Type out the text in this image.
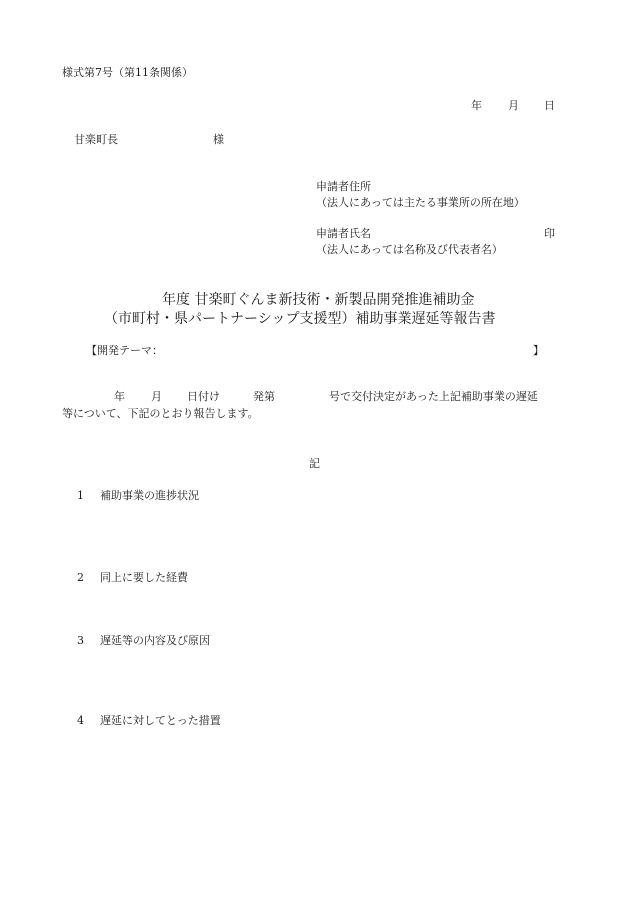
様式第7号（第11条関係）
年 月 日
甘楽町長	様
申請者住所
（法人にあっては主たる事業所の所在地）
申請者氏名	印
（法人にあっては名称及び代表者名）
年度 甘楽町ぐんま新技術・新製品開発推進補助金
（市町村・県パートナーシップ支援型）補助事業遅延等報告書
【開発テーマ：	】
年 月 日付け	発第	号で交付決定があった上記補助事業の遅延
等について、下記のとおり報告します。
記
1 補助事業の進捗状況
2 同上に要した経費
3 遅延等の内容及び原因
4 遅延に対してとった措置
